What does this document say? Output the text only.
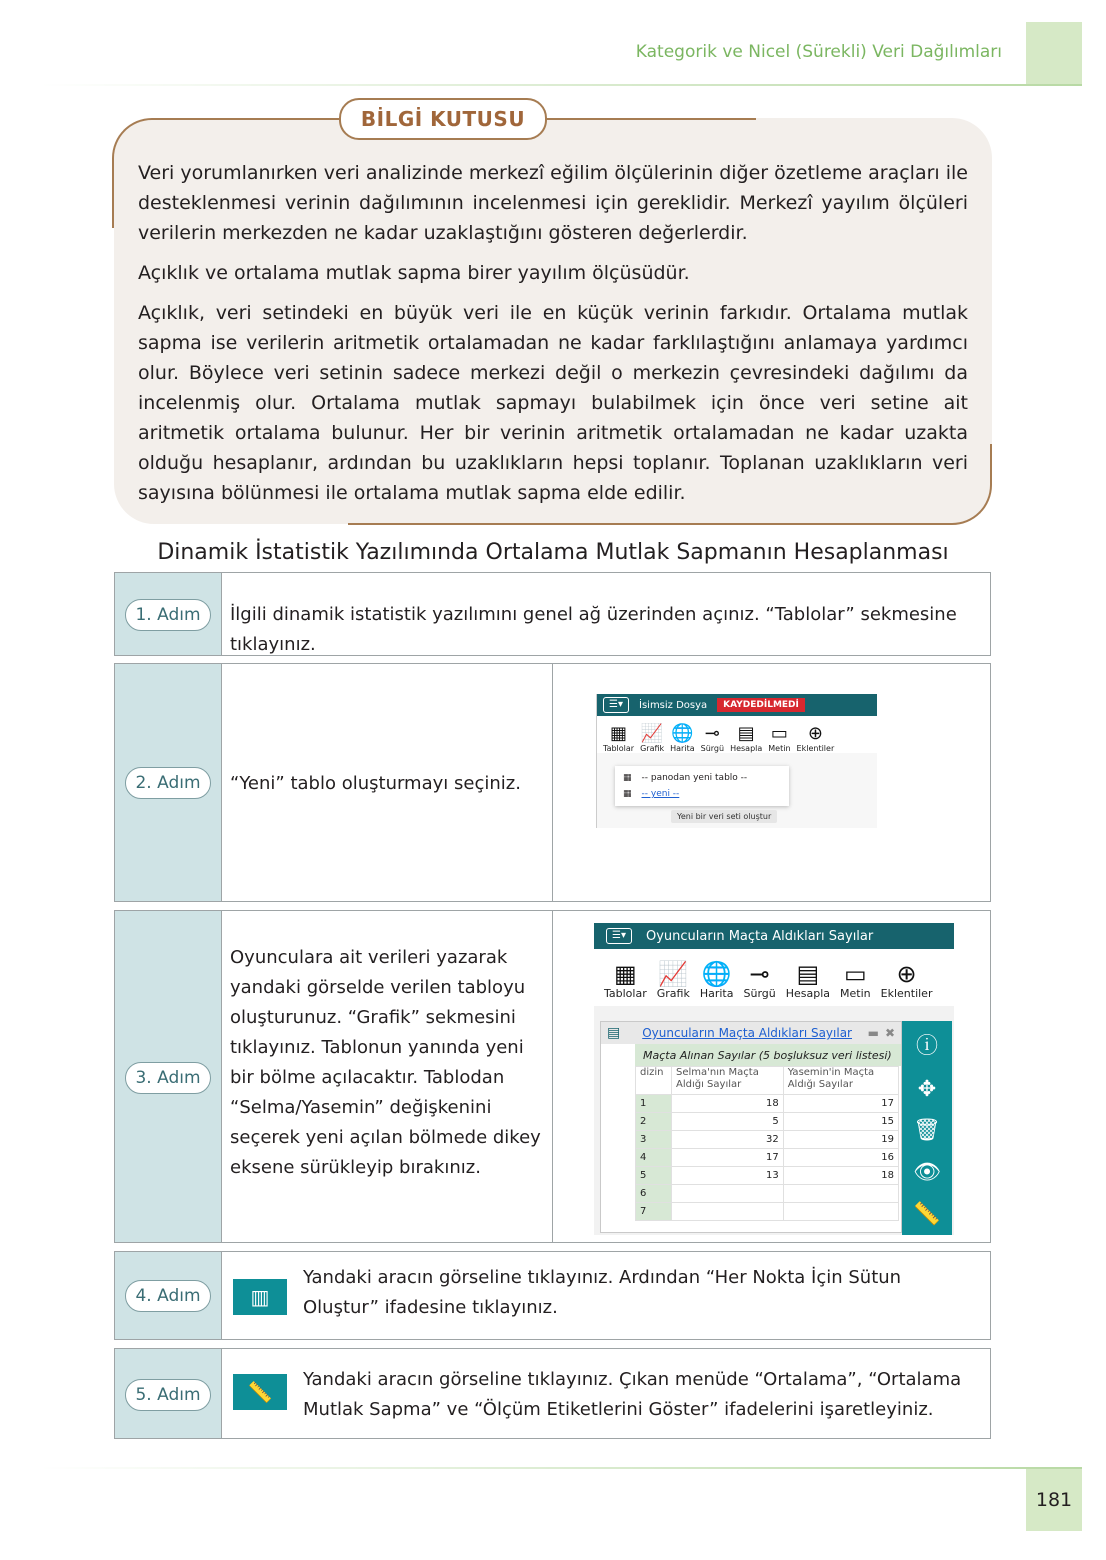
Kategorik ve Nicel (Sürekli) Veri Dağılımları
BİLGİ KUTUSU

Veri yorumlanırken veri analizinde merkezî eğilim ölçülerinin diğer özetleme araçları ile desteklenmesi verinin dağılımının incelenmesi için gereklidir. Merkezî yayılım ölçüleri verilerin merkezden ne kadar uzaklaştığını gösteren değerlerdir.

Açıklık ve ortalama mutlak sapma birer yayılım ölçüsüdür.

Açıklık, veri setindeki en büyük veri ile en küçük verinin farkıdır. Ortalama mutlak sapma ise verilerin aritmetik ortalamadan ne kadar farklılaştığını anlamaya yardımcı olur. Böylece veri setinin sadece merkezi değil o merkezin çevresindeki dağılımı da incelenmiş olur. Ortalama mutlak sapmayı bulabilmek için önce veri setine ait aritmetik ortalama bulunur. Her bir verinin aritmetik ortalamadan ne kadar uzakta olduğu hesaplanır, ardından bu uzaklıkların hepsi toplanır. Toplanan uzaklıkların veri sayısına bölünmesi ile ortalama mutlak sapma elde edilir.

Dinamik İstatistik Yazılımında Ortalama Mutlak Sapmanın Hesaplanması
1. Adım	İlgili dinamik istatistik yazılımını genel ağ üzerinden açınız. “Tablolar” sekmesine tıklayınız.
2. Adım	“Yeni” tablo oluşturmayı seçiniz.
☰▾	İsimsiz Dosya	KAYDEDİLMEDİ
▦
Tablolar
📈
Grafik
🌐
Harita
⊸
Sürgü
▤
Hesapla
▭
Metin
⊕
Eklentiler
▦ -- panodan yeni tablo --
▦ -- yeni --
Yeni bir veri seti oluştur
3. Adım
Oyunculara ait verileri yazarak yandaki görselde verilen tabloyu oluşturunuz. “Grafik” sekmesini tıklayınız. Tablonun yanında yeni bir bölme açılacaktır. Tablodan “Selma/Yasemin” değişkenini seçerek yeni açılan bölmede dikey eksene sürükleyip bırakınız.
☰▾	Oyuncuların Maçta Aldıkları Sayılar
▦
Tablolar
📈
Grafik
🌐
Harita
⊸
Sürgü
▤
Hesapla
▭
Metin
⊕
Eklentiler
▤ Oyuncuların Maçta Aldıkları Sayılar	▬ ✖
Maçta Alınan Sayılar (5 boşluksuz veri listesi)
dizin	Selma'nın Maçta Aldığı Sayılar	Yasemin'in Maçta Aldığı Sayılar
1	18	17
2	5	15
3	32	19
4	17	16
5	13	18
6		
7		
ⓘ
✥
🗑
👁
📏
4. Adım	▥
Yandaki aracın görseline tıklayınız. Ardından “Her Nokta İçin Sütun Oluştur” ifadesine tıklayınız.
5. Adım	📏
Yandaki aracın görseline tıklayınız. Çıkan menüde “Ortalama”, “Ortalama Mutlak Sapma” ve “Ölçüm Etiketlerini Göster” ifadelerini işaretleyiniz.
181
